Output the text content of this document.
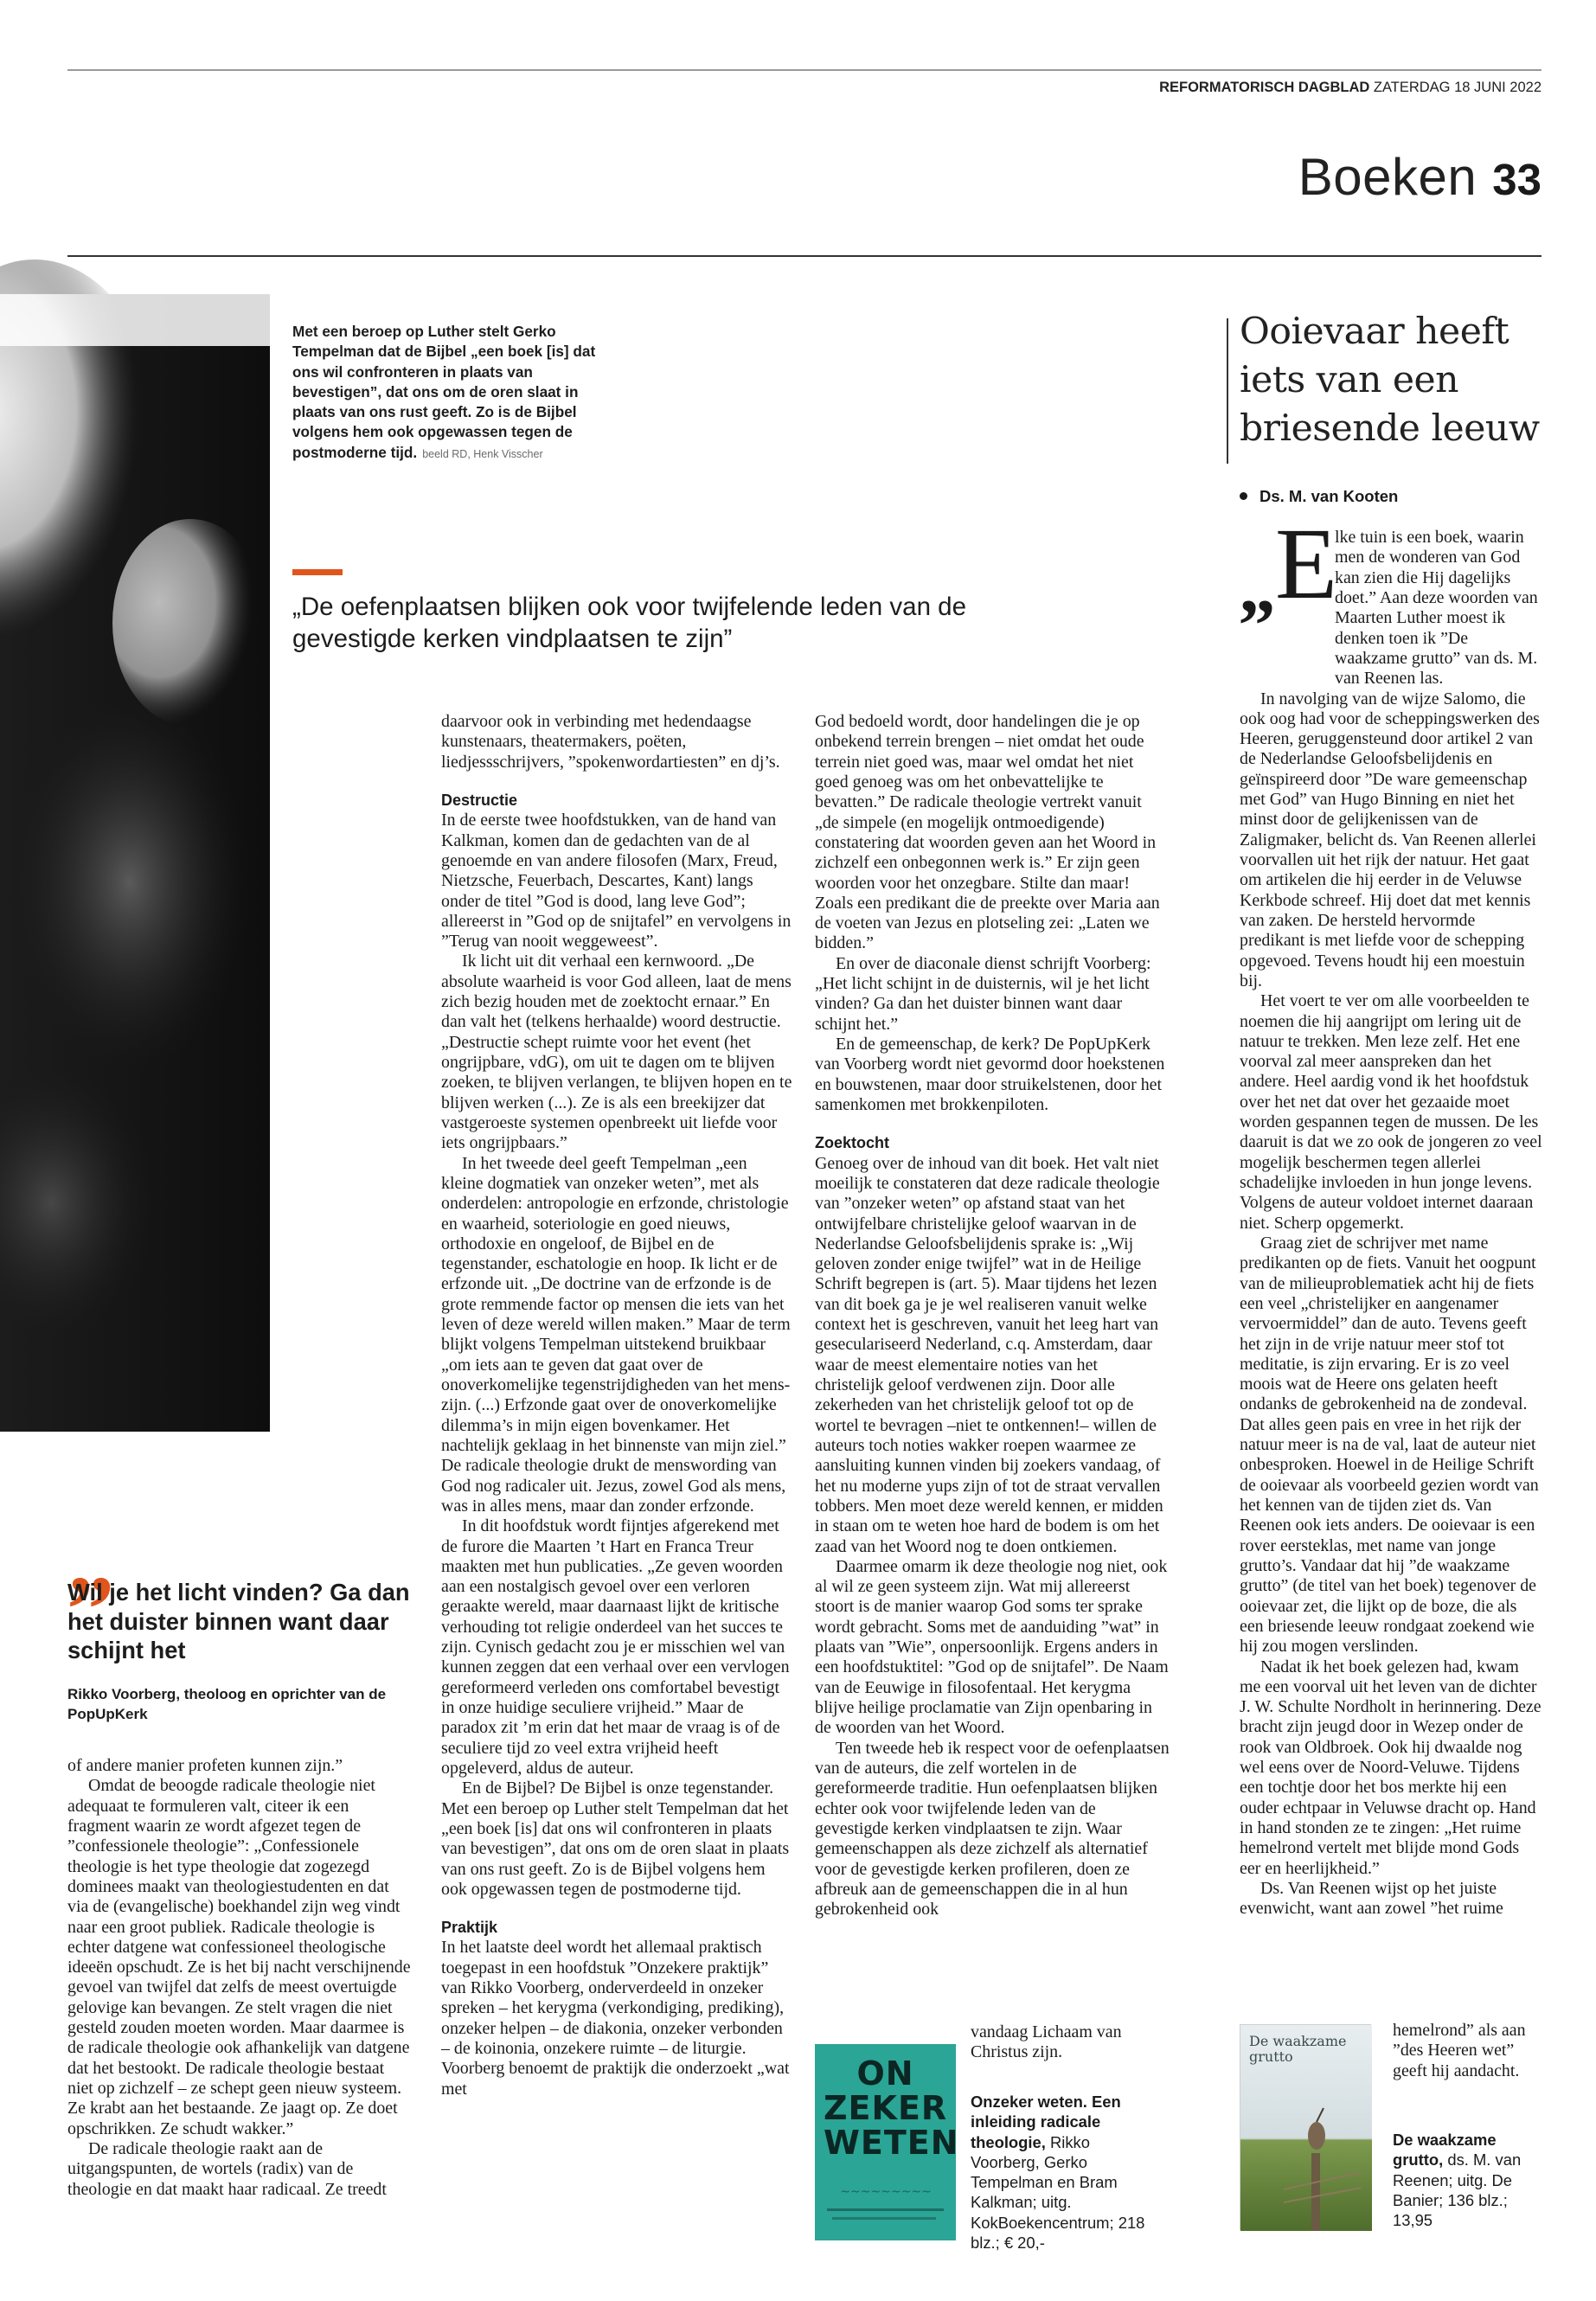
REFORMATORISCH DAGBLAD ZATERDAG 18 JUNI 2022
Boeken 33
Met een beroep op Luther stelt Gerko Tempelman dat de Bijbel „een boek [is] dat ons wil confronteren in plaats van bevestigen”, dat ons om de oren slaat in plaats van ons rust geeft. Zo is de Bijbel volgens hem ook opgewassen tegen de postmoderne tijd. beeld RD, Henk Visscher
„De oefenplaatsen blijken ook voor twijfelende leden van de gevestigde kerken vindplaatsen te zijn”

daarvoor ook in verbinding met hedendaagse kunstenaars, theatermakers, poëten, liedjessschrijvers, ”spokenwordartiesten” en dj’s.

Destructie

In de eerste twee hoofdstukken, van de hand van Kalkman, komen dan de gedachten van de al genoemde en van andere filosofen (Marx, Freud, Nietzsche, Feuerbach, Descartes, Kant) langs onder de titel ”God is dood, lang leve God”; allereerst in ”God op de snijtafel” en vervolgens in ”Terug van nooit weggeweest”.

Ik licht uit dit verhaal een kernwoord. „De absolute waarheid is voor God alleen, laat de mens zich bezig houden met de zoektocht ernaar.” En dan valt het (telkens herhaalde) woord destructie. „Destructie schept ruimte voor het event (het ongrijpbare, vdG), om uit te dagen om te blijven zoeken, te blijven verlangen, te blijven hopen en te blijven werken (...). Ze is als een breekijzer dat vastgeroeste systemen openbreekt uit liefde voor iets ongrijpbaars.”

In het tweede deel geeft Tempelman „een kleine dogmatiek van onzeker weten”, met als onderdelen: antropologie en erfzonde, christologie en waarheid, soteriologie en goed nieuws, orthodoxie en ongeloof, de Bijbel en de tegenstander, eschatologie en hoop. Ik licht er de erfzonde uit. „De doctrine van de erfzonde is de grote remmende factor op mensen die iets van het leven of deze wereld willen maken.” Maar de term blijkt volgens Tempelman uitstekend bruikbaar „om iets aan te geven dat gaat over de onoverkomelijke tegenstrijdigheden van het mens-zijn. (...) Erfzonde gaat over de onoverkomelijke dilemma’s in mijn eigen bovenkamer. Het nachtelijk geklaag in het binnenste van mijn ziel.” De radicale theologie drukt de menswording van God nog radicaler uit. Jezus, zowel God als mens, was in alles mens, maar dan zonder erfzonde.

In dit hoofdstuk wordt fijntjes afgerekend met de furore die Maarten ’t Hart en Franca Treur maakten met hun publicaties. „Ze geven woorden aan een nostalgisch gevoel over een verloren geraakte wereld, maar daarnaast lijkt de kritische verhouding tot religie onderdeel van het succes te zijn. Cynisch gedacht zou je er misschien wel van kunnen zeggen dat een verhaal over een vervlogen gereformeerd verleden ons comfortabel bevestigt in onze huidige seculiere vrijheid.” Maar de paradox zit ’m erin dat het maar de vraag is of de seculiere tijd zo veel extra vrijheid heeft opgeleverd, aldus de auteur.

En de Bijbel? De Bijbel is onze tegenstander. Met een beroep op Luther stelt Tempelman dat het „een boek [is] dat ons wil confronteren in plaats van bevestigen”, dat ons om de oren slaat in plaats van ons rust geeft. Zo is de Bijbel volgens hem ook opgewassen tegen de postmoderne tijd.

Praktijk

In het laatste deel wordt het allemaal praktisch toegepast in een hoofdstuk ”Onzekere praktijk” van Rikko Voorberg, onderverdeeld in onzeker spreken – het kerygma (verkondiging, prediking), onzeker helpen – de diakonia, onzeker verbonden – de koinonia, onzekere ruimte – de liturgie. Voorberg benoemt de praktijk die onderzoekt „wat met

God bedoeld wordt, door handelingen die je op onbekend terrein brengen – niet omdat het oude terrein niet goed was, maar wel omdat het niet goed genoeg was om het onbevattelijke te bevatten.” De radicale theologie vertrekt vanuit „de simpele (en mogelijk ontmoedigende) constatering dat woorden geven aan het Woord in zichzelf een onbegonnen werk is.” Er zijn geen woorden voor het onzegbare. Stilte dan maar! Zoals een predikant die de preekte over Maria aan de voeten van Jezus en plotseling zei: „Laten we bidden.”

En over de diaconale dienst schrijft Voorberg: „Het licht schijnt in de duisternis, wil je het licht vinden? Ga dan het duister binnen want daar schijnt het.”

En de gemeenschap, de kerk? De PopUpKerk van Voorberg wordt niet gevormd door hoekstenen en bouwstenen, maar door struikelstenen, door het samenkomen met brokkenpiloten.

Zoektocht

Genoeg over de inhoud van dit boek. Het valt niet moeilijk te constateren dat deze radicale theologie van ”onzeker weten” op afstand staat van het ontwijfelbare christelijke geloof waarvan in de Nederlandse Geloofsbelijdenis sprake is: „Wij geloven zonder enige twijfel” wat in de Heilige Schrift begrepen is (art. 5). Maar tijdens het lezen van dit boek ga je je wel realiseren vanuit welke context het is geschreven, vanuit het leeg hart van geseculariseerd Nederland, c.q. Amsterdam, daar waar de meest elementaire noties van het christelijk geloof verdwenen zijn. Door alle zekerheden van het christelijk geloof tot op de wortel te bevragen –niet te ontkennen!– willen de auteurs toch noties wakker roepen waarmee ze aansluiting kunnen vinden bij zoekers vandaag, of het nu moderne yups zijn of tot de straat vervallen tobbers. Men moet deze wereld kennen, er midden in staan om te weten hoe hard de bodem is om het zaad van het Woord nog te doen ontkiemen.

Daarmee omarm ik deze theologie nog niet, ook al wil ze geen systeem zijn. Wat mij allereerst stoort is de manier waarop God soms ter sprake wordt gebracht. Soms met de aanduiding ”wat” in plaats van ”Wie”, onpersoonlijk. Ergens anders in een hoofdstuktitel: ”God op de snijtafel”. De Naam van de Eeuwige in filosofentaal. Het kerygma blijve heilige proclamatie van Zijn openbaring in de woorden van het Woord.

Ten tweede heb ik respect voor de oefenplaatsen van de auteurs, die zelf wortelen in de gereformeerde traditie. Hun oefenplaatsen blijken echter ook voor twijfelende leden van de gevestigde kerken vindplaatsen te zijn. Waar gemeenschappen als deze zichzelf als alternatief voor de gevestigde kerken profileren, doen ze afbreuk aan de gemeenschappen die in al hun gebrokenheid ook

vandaag Lichaam van Christus zijn.
~~~~~~~~~
ON ZEKER WETEN
Onzeker weten. Een inleiding radicale theologie, Rikko Voorberg, Gerko Tempelman en Bram Kalkman; uitg. KokBoekencentrum; 218 blz.; € 20,-
„
Wil je het licht vinden? Ga dan het duister binnen want daar schijnt het
Rikko Voorberg, theoloog en oprichter van de PopUpKerk

of andere manier profeten kunnen zijn.”

Omdat de beoogde radicale theologie niet adequaat te formuleren valt, citeer ik een fragment waarin ze wordt afgezet tegen de ”confessionele theologie”: „Confessionele theologie is het type theologie dat zogezegd dominees maakt van theologiestudenten en dat via de (evangelische) boekhandel zijn weg vindt naar een groot publiek. Radicale theologie is echter datgene wat confessioneel theologische ideeën opschudt. Ze is het bij nacht verschijnende gevoel van twijfel dat zelfs de meest overtuigde gelovige kan bevangen. Ze stelt vragen die niet gesteld zouden moeten worden. Maar daarmee is de radicale theologie ook afhankelijk van datgene dat het bestookt. De radicale theologie bestaat niet op zichzelf – ze schept geen nieuw systeem. Ze krabt aan het bestaande. Ze jaagt op. Ze doet opschrikken. Ze schudt wakker.”

De radicale theologie raakt aan de uitgangspunten, de wortels (radix) van de theologie en dat maakt haar radicaal. Ze treedt

Ooievaar heeft iets van een briesende leeuw
Ds. M. van Kooten
„ E

lke tuin is een boek, waarin men de wonderen van God kan zien die Hij dagelijks doet.” Aan deze woorden van Maarten Luther moest ik denken toen ik ”De waakzame grutto” van ds. M. van Reenen las.

In navolging van de wijze Salomo, die ook oog had voor de scheppingswerken des Heeren, geruggensteund door artikel 2 van de Nederlandse Geloofsbelijdenis en geïnspireerd door ”De ware gemeenschap met God” van Hugo Binning en niet het minst door de gelijkenissen van de Zaligmaker, belicht ds. Van Reenen allerlei voorvallen uit het rijk der natuur. Het gaat om artikelen die hij eerder in de Veluwse Kerkbode schreef. Hij doet dat met kennis van zaken. De hersteld hervormde predikant is met liefde voor de schepping opgevoed. Tevens houdt hij een moestuin bij.

Het voert te ver om alle voorbeelden te noemen die hij aangrijpt om lering uit de natuur te trekken. Men leze zelf. Het ene voorval zal meer aanspreken dan het andere. Heel aardig vond ik het hoofdstuk over het net dat over het gezaaide moet worden gespannen tegen de mussen. De les daaruit is dat we zo ook de jongeren zo veel mogelijk beschermen tegen allerlei schadelijke invloeden in hun jonge levens. Volgens de auteur voldoet internet daaraan niet. Scherp opgemerkt.

Graag ziet de schrijver met name predikanten op de fiets. Vanuit het oogpunt van de milieuproblematiek acht hij de fiets een veel „christelijker en aangenamer vervoermiddel” dan de auto. Tevens geeft het zijn in de vrije natuur meer stof tot meditatie, is zijn ervaring. Er is zo veel moois wat de Heere ons gelaten heeft ondanks de gebrokenheid na de zondeval. Dat alles geen pais en vree in het rijk der natuur meer is na de val, laat de auteur niet onbesproken. Hoewel in de Heilige Schrift de ooievaar als voorbeeld gezien wordt van het kennen van de tijden ziet ds. Van Reenen ook iets anders. De ooievaar is een rover eersteklas, met name van jonge grutto’s. Vandaar dat hij ”de waakzame grutto” (de titel van het boek) tegenover de ooievaar zet, die lijkt op de boze, die als een briesende leeuw rondgaat zoekend wie hij zou mogen verslinden.

Nadat ik het boek gelezen had, kwam me een voorval uit het leven van de dichter J. W. Schulte Nordholt in herinnering. Deze bracht zijn jeugd door in Wezep onder de rook van Oldbroek. Ook hij dwaalde nog wel eens over de Noord-Veluwe. Tijdens een tochtje door het bos merkte hij een ouder echtpaar in Veluwse dracht op. Hand in hand stonden ze te zingen: „Het ruime hemelrond vertelt met blijde mond Gods eer en heerlijkheid.”

Ds. Van Reenen wijst op het juiste evenwicht, want aan zowel ”het ruime

De waakzame grutto
hemelrond” als aan ”des Heeren wet” geeft hij aandacht.
De waakzame grutto, ds. M. van Reenen; uitg. De Banier; 136 blz.; 13,95
